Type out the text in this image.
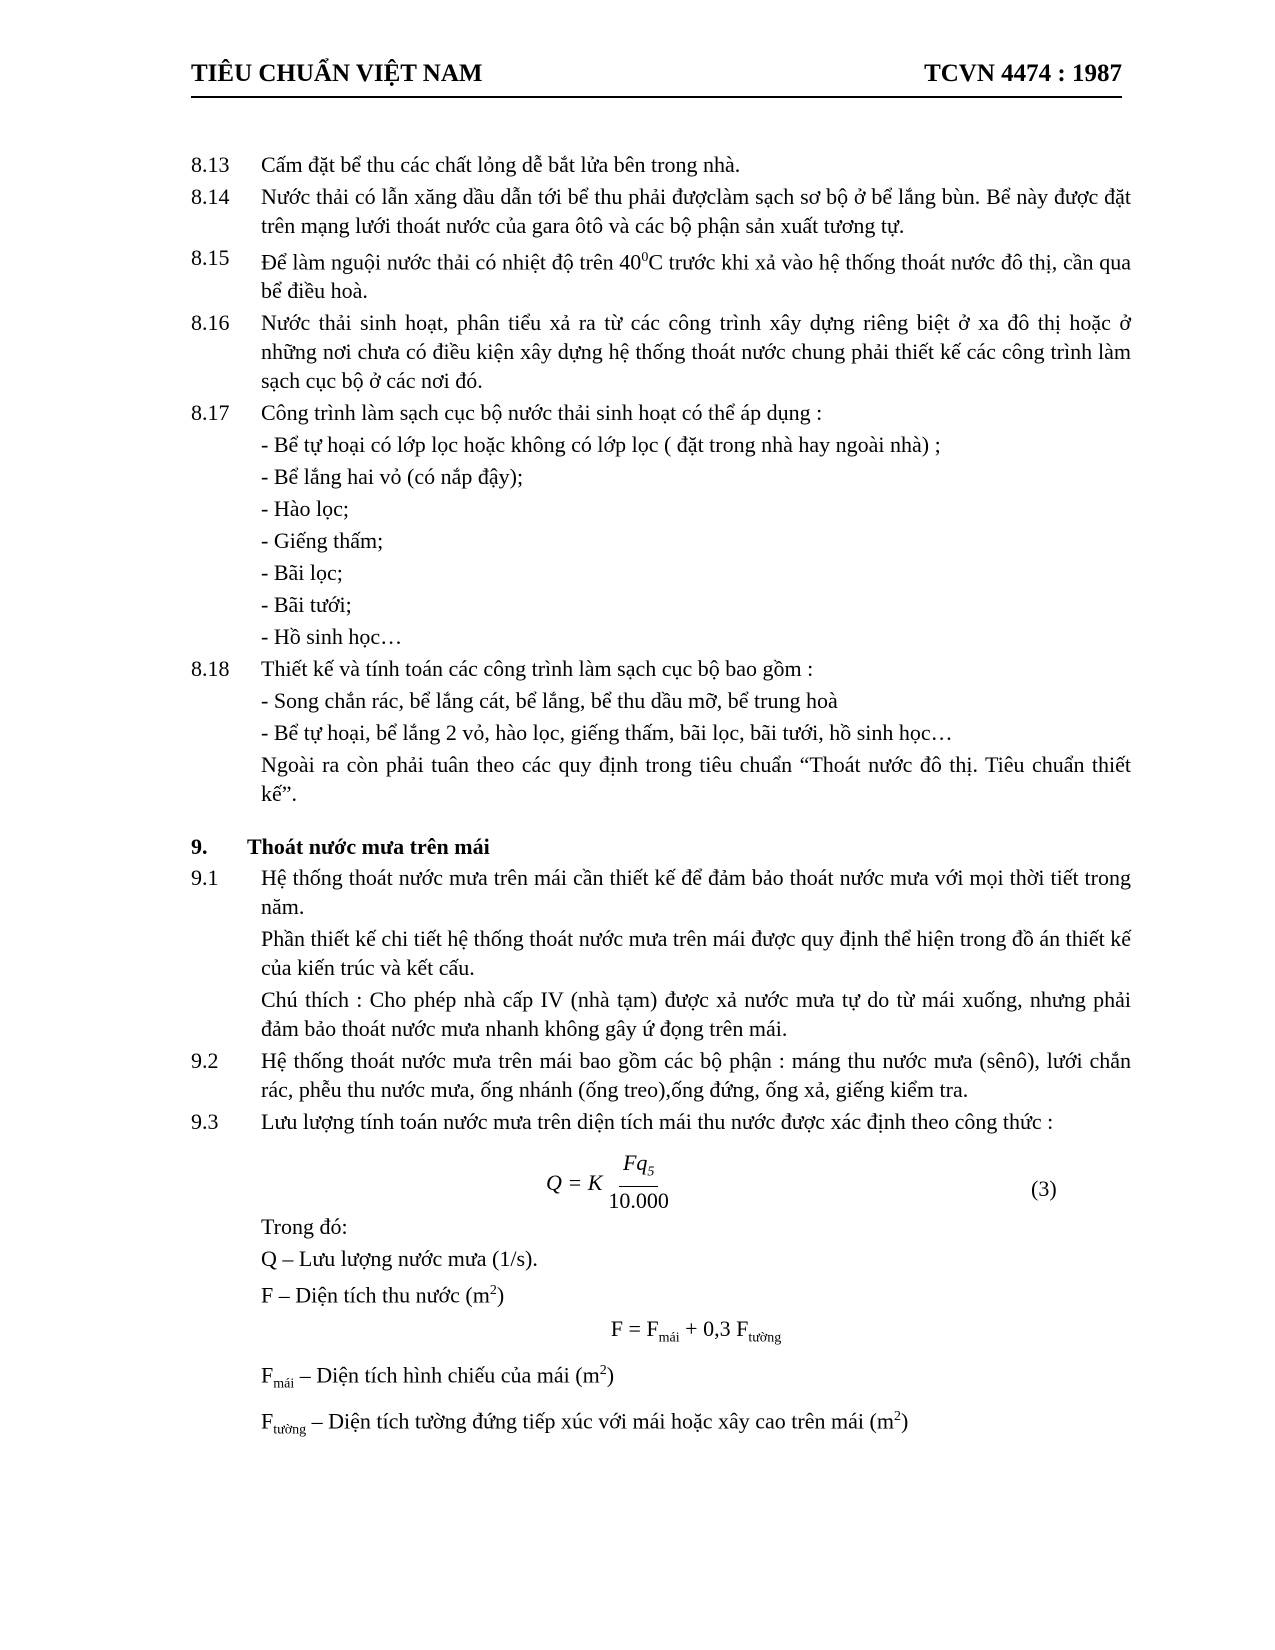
TIÊU CHUẨN VIỆT NAM	TCVN 4474 : 1987
8.13 Cấm đặt bể thu các chất lỏng dễ bắt lửa bên trong nhà.
8.14 Nước thải có lẫn xăng dầu dẫn tới bể thu phải đượclàm sạch sơ bộ ở bể lắng bùn. Bể này được đặt trên mạng lưới thoát nước của gara ôtô và các bộ phận sản xuất tương tự.
8.15 Để làm nguội nước thải có nhiệt độ trên $40^0C$ trước khi xả vào hệ thống thoát nước đô thị, cần qua bể điều hoà.
8.16 Nước thải sinh hoạt, phân tiểu xả ra từ các công trình xây dựng riêng biệt ở xa đô thị hoặc ở những nơi chưa có điều kiện xây dựng hệ thống thoát nước chung phải thiết kế các công trình làm sạch cục bộ ở các nơi đó.
8.17 Công trình làm sạch cục bộ nước thải sinh hoạt có thể áp dụng :
- Bể tự hoại có lớp lọc hoặc không có lớp lọc ( đặt trong nhà hay ngoài nhà) ;
- Bể lắng hai vỏ (có nắp đậy);
- Hào lọc;
- Giếng thấm;
- Bãi lọc;
- Bãi tưới;
- Hồ sinh học…
8.18 Thiết kế và tính toán các công trình làm sạch cục bộ bao gồm :
- Song chắn rác, bể lắng cát, bể lắng, bể thu dầu mỡ, bể trung hoà
- Bể tự hoại, bể lắng 2 vỏ, hào lọc, giếng thấm, bãi lọc, bãi tưới, hồ sinh học…
Ngoài ra còn phải tuân theo các quy định trong tiêu chuẩn “Thoát nước đô thị. Tiêu chuẩn thiết kế”.
9. Thoát nước mưa trên mái
9.1 Hệ thống thoát nước mưa trên mái cần thiết kế để đảm bảo thoát nước mưa với mọi thời tiết trong năm.
Phần thiết kế chi tiết hệ thống thoát nước mưa trên mái được quy định thể hiện trong đồ án thiết kế của kiến trúc và kết cấu.
Chú thích : Cho phép nhà cấp IV (nhà tạm) được xả nước mưa tự do từ mái xuống, nhưng phải đảm bảo thoát nước mưa nhanh không gây ứ đọng trên mái.
9.2 Hệ thống thoát nước mưa trên mái bao gồm các bộ phận : máng thu nước mưa (sênô), lưới chắn rác, phễu thu nước mưa, ống nhánh (ống treo),ống đứng, ống xả, giếng kiểm tra.
9.3 Lưu lượng tính toán nước mưa trên diện tích mái thu nước được xác định theo công thức :
Q = K $\frac{Fq_5}{10.000}$	(3)
Trong đó:
Q – Lưu lượng nước mưa (1/s).
F – Diện tích thu nước $(m^2)$
$F = F_{mái} + 0,3$ $F_{tường}$
$F_{mái}$ – Diện tích hình chiếu của mái $(m^2)$
$F_{tường}$ – Diện tích tường đứng tiếp xúc với mái hoặc xây cao trên mái $(m^2)$
